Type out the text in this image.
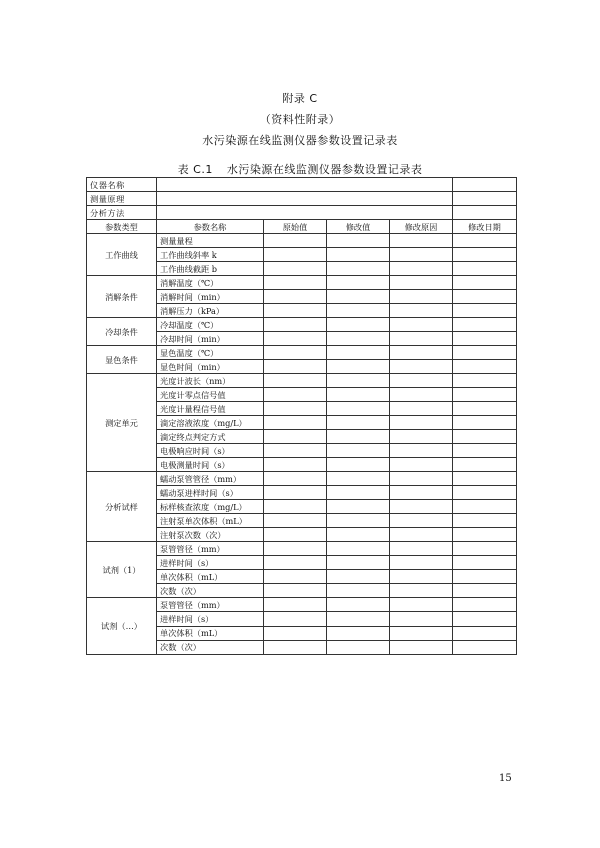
附录 C
（资料性附录）
水污染源在线监测仪器参数设置记录表
表 C.1 水污染源在线监测仪器参数设置记录表
仪器名称					
测量原理					
分析方法					
参数类型	参数名称	原始值	修改值	修改原因	修改日期
工作曲线	测量量程				
	工作曲线斜率 k				
	工作曲线截距 b				
消解条件	消解温度（℃）				
	消解时间（min）				
	消解压力（kPa）				
冷却条件	冷却温度（℃）				
	冷却时间（min）				
显色条件	显色温度（℃）				
	显色时间（min）				
测定单元	光度计波长（nm）				
	光度计零点信号值				
	光度计量程信号值				
	滴定溶液浓度（mg/L）				
	滴定终点判定方式				
	电极响应时间（s）				
	电极测量时间（s）				
分析试样	蠕动泵管管径（mm）				
	蠕动泵进样时间（s）				
	标样核查浓度（mg/L）				
	注射泵单次体积（mL）				
	注射泵次数（次）				
试剂（1）	泵管管径（mm）				
	进样时间（s）				
	单次体积（mL）				
	次数（次）				
试剂（…）	泵管管径（mm）				
	进样时间（s）				
	单次体积（mL）				
	次数（次）				
15
